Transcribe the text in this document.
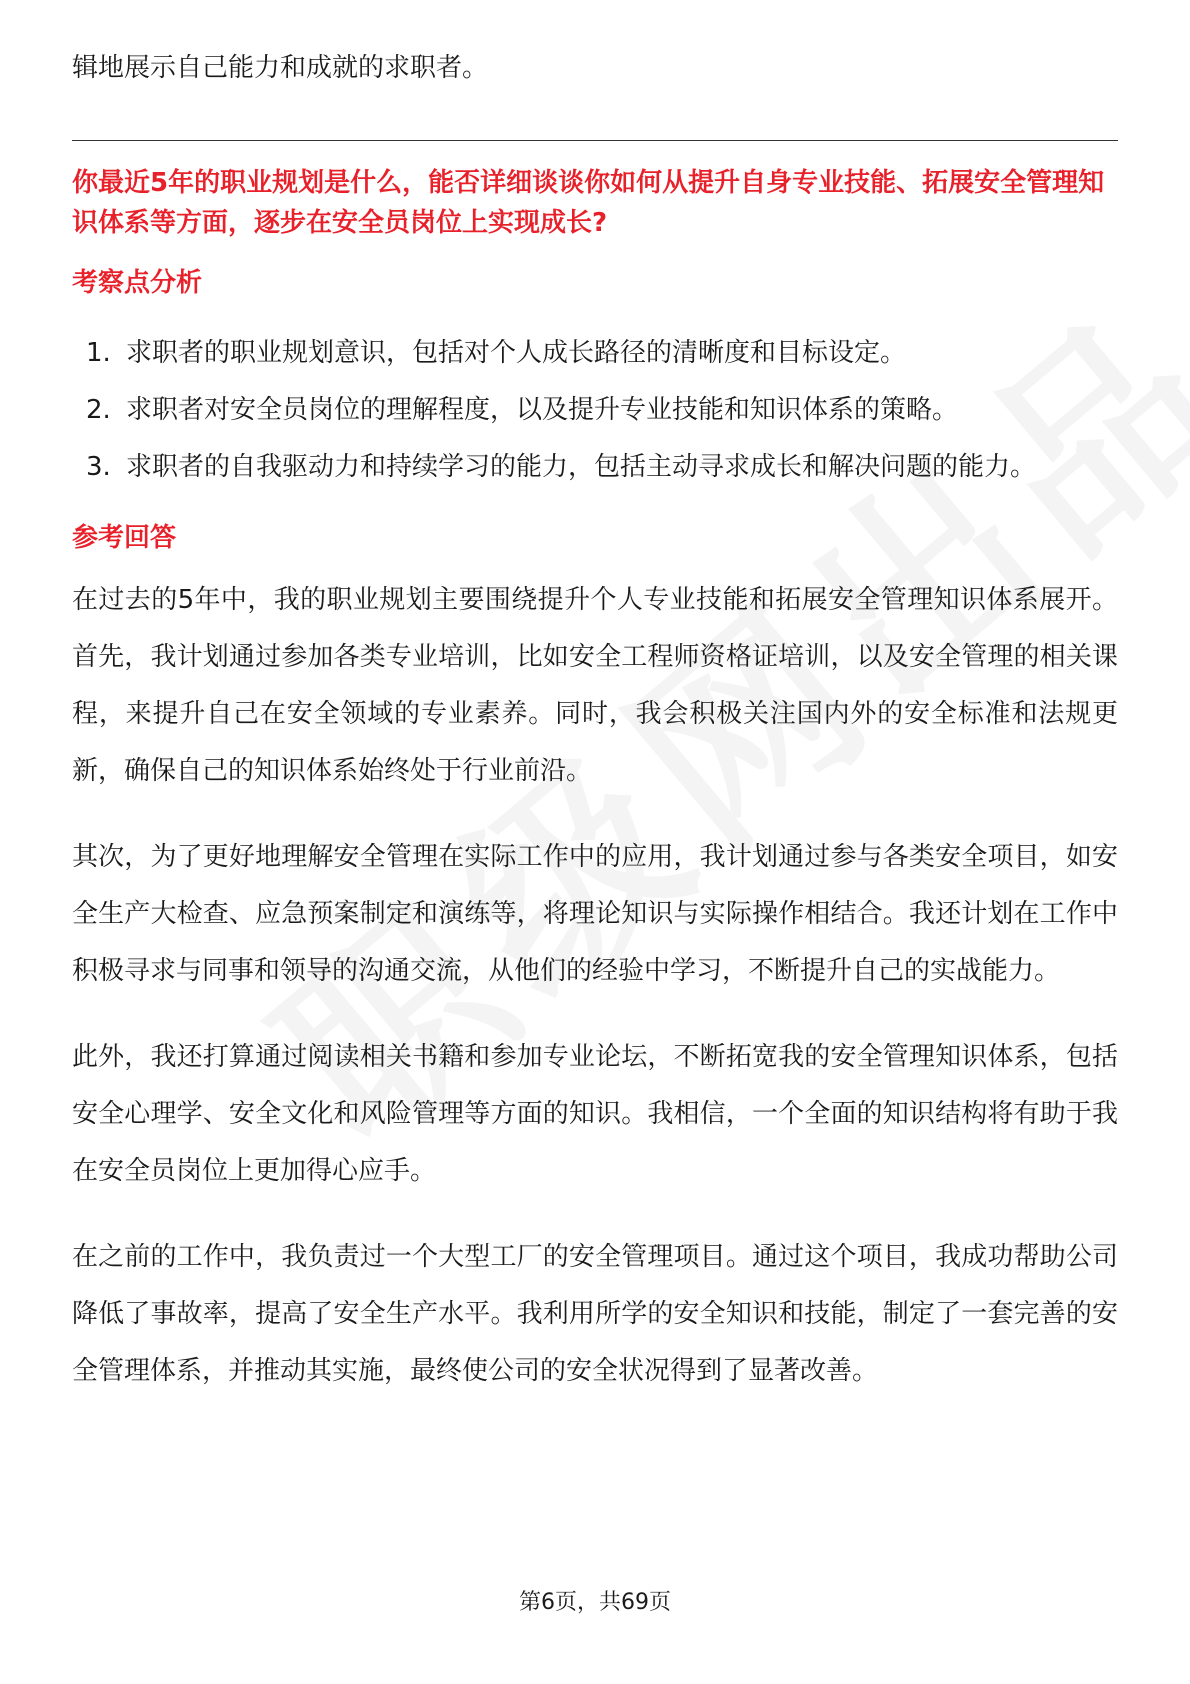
辑地展示自己能力和成就的求职者。

你最近5年的职业规划是什么，能否详细谈谈你如何从提升自身专业技能、拓展安全管理知识体系等方面，逐步在安全员岗位上实现成长?
考察点分析
1. 求职者的职业规划意识，包括对个人成长路径的清晰度和目标设定。
2. 求职者对安全员岗位的理解程度，以及提升专业技能和知识体系的策略。
3. 求职者的自我驱动力和持续学习的能力，包括主动寻求成长和解决问题的能力。
参考回答

在过去的5年中，我的职业规划主要围绕提升个人专业技能和拓展安全管理知识体系展开。首先，我计划通过参加各类专业培训，比如安全工程师资格证培训，以及安全管理的相关课程，来提升自己在安全领域的专业素养。同时，我会积极关注国内外的安全标准和法规更新，确保自己的知识体系始终处于行业前沿。

其次，为了更好地理解安全管理在实际工作中的应用，我计划通过参与各类安全项目，如安全生产大检查、应急预案制定和演练等，将理论知识与实际操作相结合。我还计划在工作中积极寻求与同事和领导的沟通交流，从他们的经验中学习，不断提升自己的实战能力。

此外，我还打算通过阅读相关书籍和参加专业论坛，不断拓宽我的安全管理知识体系，包括安全心理学、安全文化和风险管理等方面的知识。我相信，一个全面的知识结构将有助于我在安全员岗位上更加得心应手。

在之前的工作中，我负责过一个大型工厂的安全管理项目。通过这个项目，我成功帮助公司降低了事故率，提高了安全生产水平。我利用所学的安全知识和技能，制定了一套完善的安全管理体系，并推动其实施，最终使公司的安全状况得到了显著改善。

第6页，共69页
